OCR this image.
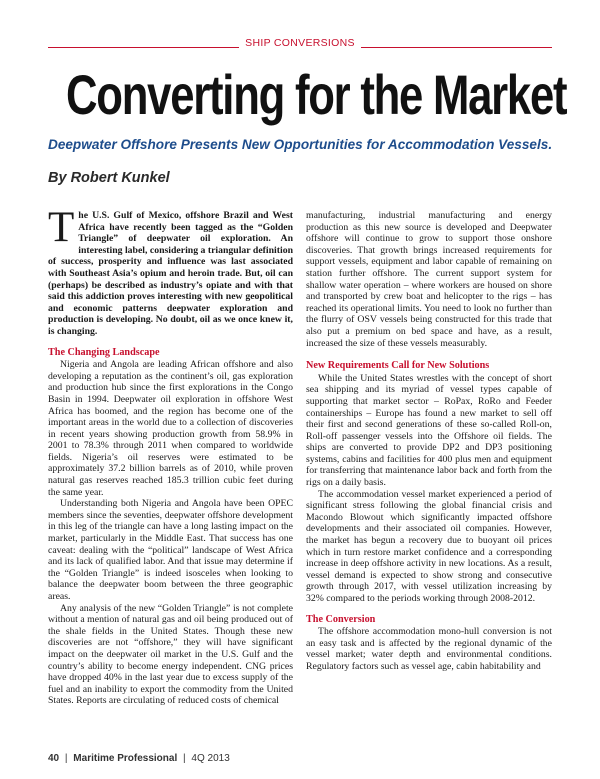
SHIP CONVERSIONS
Converting for the Market
Deepwater Offshore Presents New Opportunities for Accommodation Vessels.
By Robert Kunkel

The U.S. Gulf of Mexico, offshore Brazil and West Africa have recently been tagged as the “Golden Triangle” of deepwater oil exploration. An interesting label, considering a triangular definition of success, prosperity and influence was last associated with Southeast Asia’s opium and heroin trade. But, oil can (perhaps) be described as industry’s opiate and with that said this addiction proves interesting with new geopolitical and economic patterns deepwater exploration and production is developing. No doubt, oil as we once knew it, is changing.

The Changing Landscape

Nigeria and Angola are leading African offshore and also developing a reputation as the continent’s oil, gas exploration and production hub since the first explorations in the Congo Basin in 1994. Deepwater oil exploration in offshore West Africa has boomed, and the region has become one of the important areas in the world due to a collection of discoveries in recent years showing production growth from 58.9% in 2001 to 78.3% through 2011 when compared to worldwide fields. Nigeria’s oil reserves were estimated to be approximately 37.2 billion barrels as of 2010, while proven natural gas reserves reached 185.3 trillion cubic feet during the same year.

Understanding both Nigeria and Angola have been OPEC members since the seventies, deepwater offshore development in this leg of the triangle can have a long lasting impact on the market, particularly in the Middle East. That success has one caveat: dealing with the “political” landscape of West Africa and its lack of qualified labor. And that issue may determine if the “Golden Triangle” is indeed isosceles when looking to balance the deepwater boom between the three geographic areas.

Any analysis of the new “Golden Triangle” is not complete without a mention of natural gas and oil being produced out of the shale fields in the United States. Though these new discoveries are not “offshore,” they will have significant impact on the deepwater oil market in the U.S. Gulf and the country’s ability to become energy independent. CNG prices have dropped 40% in the last year due to excess supply of the fuel and an inability to export the commodity from the United States. Reports are circulating of reduced costs of chemical

manufacturing, industrial manufacturing and energy production as this new source is developed and Deepwater offshore will continue to grow to support those onshore discoveries. That growth brings increased requirements for support vessels, equipment and labor capable of remaining on station further offshore. The current support system for shallow water operation – where workers are housed on shore and transported by crew boat and helicopter to the rigs – has reached its operational limits. You need to look no further than the flurry of OSV vessels being constructed for this trade that also put a premium on bed space and have, as a result, increased the size of these vessels measurably.

New Requirements Call for New Solutions

While the United States wrestles with the concept of short sea shipping and its myriad of vessel types capable of supporting that market sector – RoPax, RoRo and Feeder containerships – Europe has found a new market to sell off their first and second generations of these so-called Roll-on, Roll-off passenger vessels into the Offshore oil fields. The ships are converted to provide DP2 and DP3 positioning systems, cabins and facilities for 400 plus men and equipment for transferring that maintenance labor back and forth from the rigs on a daily basis.

The accommodation vessel market experienced a period of significant stress following the global financial crisis and Macondo Blowout which significantly impacted offshore developments and their associated oil companies. However, the market has begun a recovery due to buoyant oil prices which in turn restore market confidence and a corresponding increase in deep offshore activity in new locations. As a result, vessel demand is expected to show strong and consecutive growth through 2017, with vessel utilization increasing by 32% compared to the periods working through 2008-2012.

The Conversion

The offshore accommodation mono-hull conversion is not an easy task and is affected by the regional dynamic of the vessel market; water depth and environmental conditions. Regulatory factors such as vessel age, cabin habitability and

40 | Maritime Professional | 4Q 2013
